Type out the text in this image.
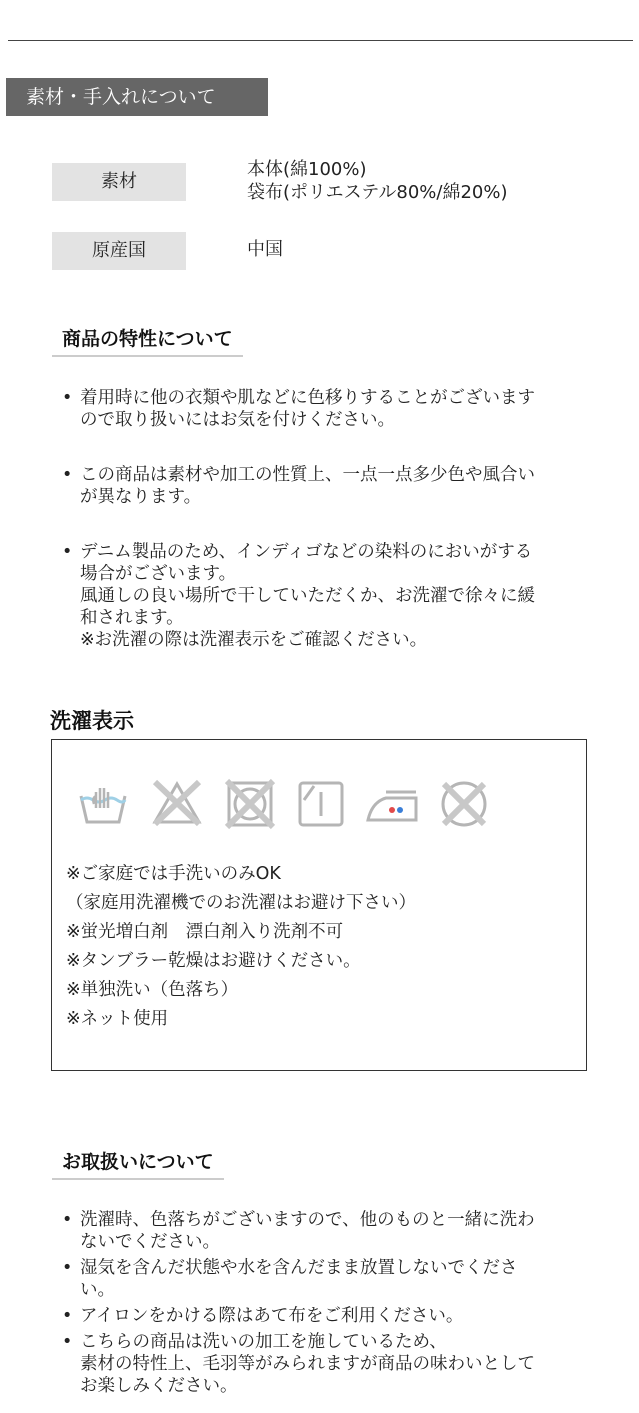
素材・手入れについて
素材
本体(綿100%)
袋布(ポリエステル80%/綿20%)
原産国	中国
商品の特性について
• 着用時に他の衣類や肌などに色移りすることがございます
ので取り扱いにはお気を付けください。
• この商品は素材や加工の性質上、一点一点多少色や風合い
が異なります。
• デニム製品のため、インディゴなどの染料のにおいがする
場合がございます。
風通しの良い場所で干していただくか、お洗濯で徐々に緩
和されます。
※お洗濯の際は洗濯表示をご確認ください。
洗濯表示
※ご家庭では手洗いのみOK
（家庭用洗濯機でのお洗濯はお避け下さい）
※蛍光増白剤　漂白剤入り洗剤不可
※タンブラー乾燥はお避けください。
※単独洗い（色落ち）
※ネット使用
お取扱いについて
• 洗濯時、色落ちがございますので、他のものと一緒に洗わ
ないでください。
• 湿気を含んだ状態や水を含んだまま放置しないでくださ
い。
• アイロンをかける際はあて布をご利用ください。
• こちらの商品は洗いの加工を施しているため、
素材の特性上、毛羽等がみられますが商品の味わいとして
お楽しみください。
